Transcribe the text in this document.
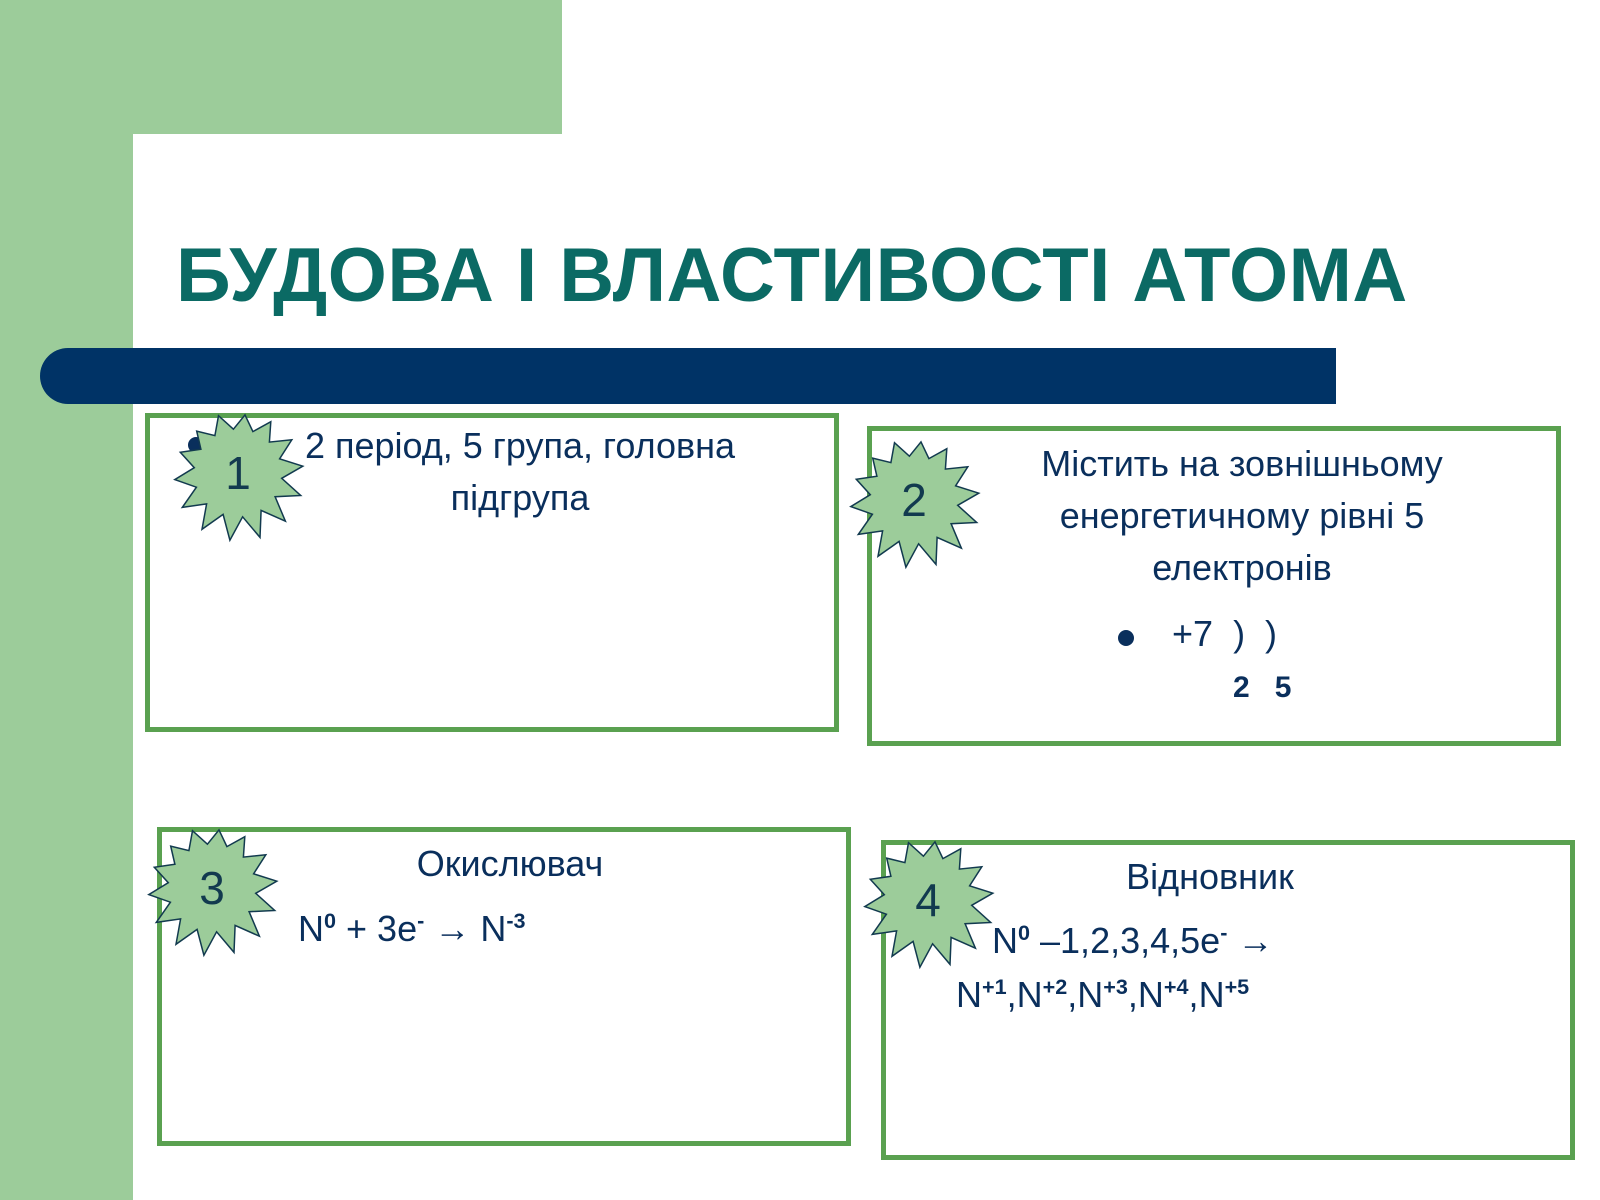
БУДОВА І ВЛАСТИВОСТІ АТОМА
2 період, 5 група, головна
підгрупа
1	Містить на зовнішньому
енергетичному рівні 5
електронів
+7 )  )
2   5
2
Окислювач
$N^0 + 3e^- \to N^{-3}$
3	Відновник
$N^0$ –1,2,3,4,5e- →
$N^{+1},N^{+2},N^{+3},N^{+4},N^{+5}$
4
